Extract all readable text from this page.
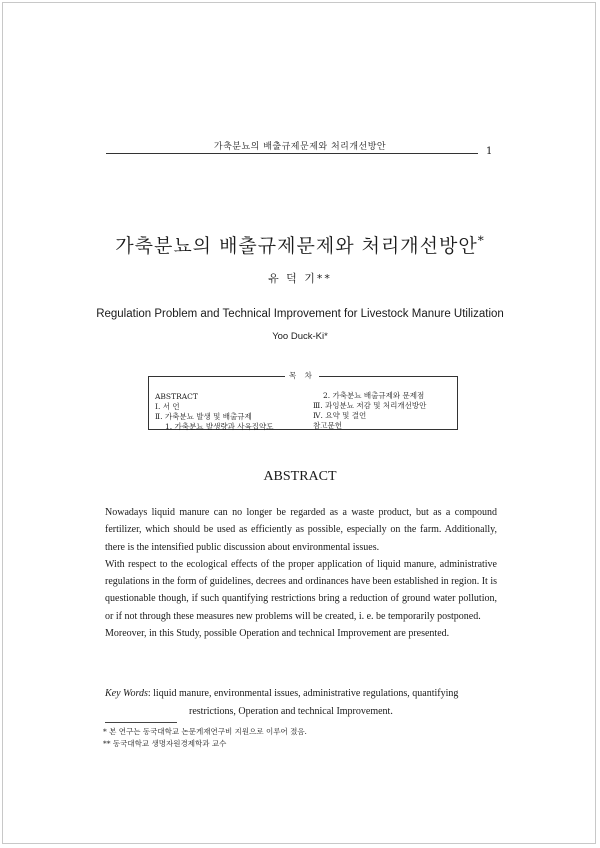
가축분뇨의 배출규제문제와 처리개선방안	1
가축분뇨의 배출규제문제와 처리개선방안*
유 덕 기**
Regulation Problem and Technical Improvement for Livestock Manure Utilization
Yoo Duck-Ki*
목 차
ABSTRACT
Ⅰ. 서 언
Ⅱ. 가축분뇨 발생 및 배출규제
1. 가축분뇨 발생량과 사육집약도
2. 가축분뇨 배출규제와 문제점
Ⅲ. 과잉분뇨 저감 및 처리개선방안
Ⅳ. 요약 및 결언
참고문헌
ABSTRACT

Nowadays liquid manure can no longer be regarded as a waste product, but as a compound fertilizer, which should be used as efficiently as possible, especially on the farm. Additionally, there is the intensified public discussion about environmental issues.

With respect to the ecological effects of the proper application of liquid manure, administrative regulations in the form of guidelines, decrees and ordinances have been established in region. It is questionable though, if such quantifying restrictions bring a reduction of ground water pollution, or if not through these measures new problems will be created, i. e. be temporarily postponed.

Moreover, in this Study, possible Operation and technical Improvement are presented.

Key Words: liquid manure, environmental issues, administrative regulations, quantifying
restrictions, Operation and technical Improvement.
* 본 연구는 동국대학교 논문게재연구비 지원으로 이루어 졌음.
** 동국대학교 생명자원경제학과 교수
